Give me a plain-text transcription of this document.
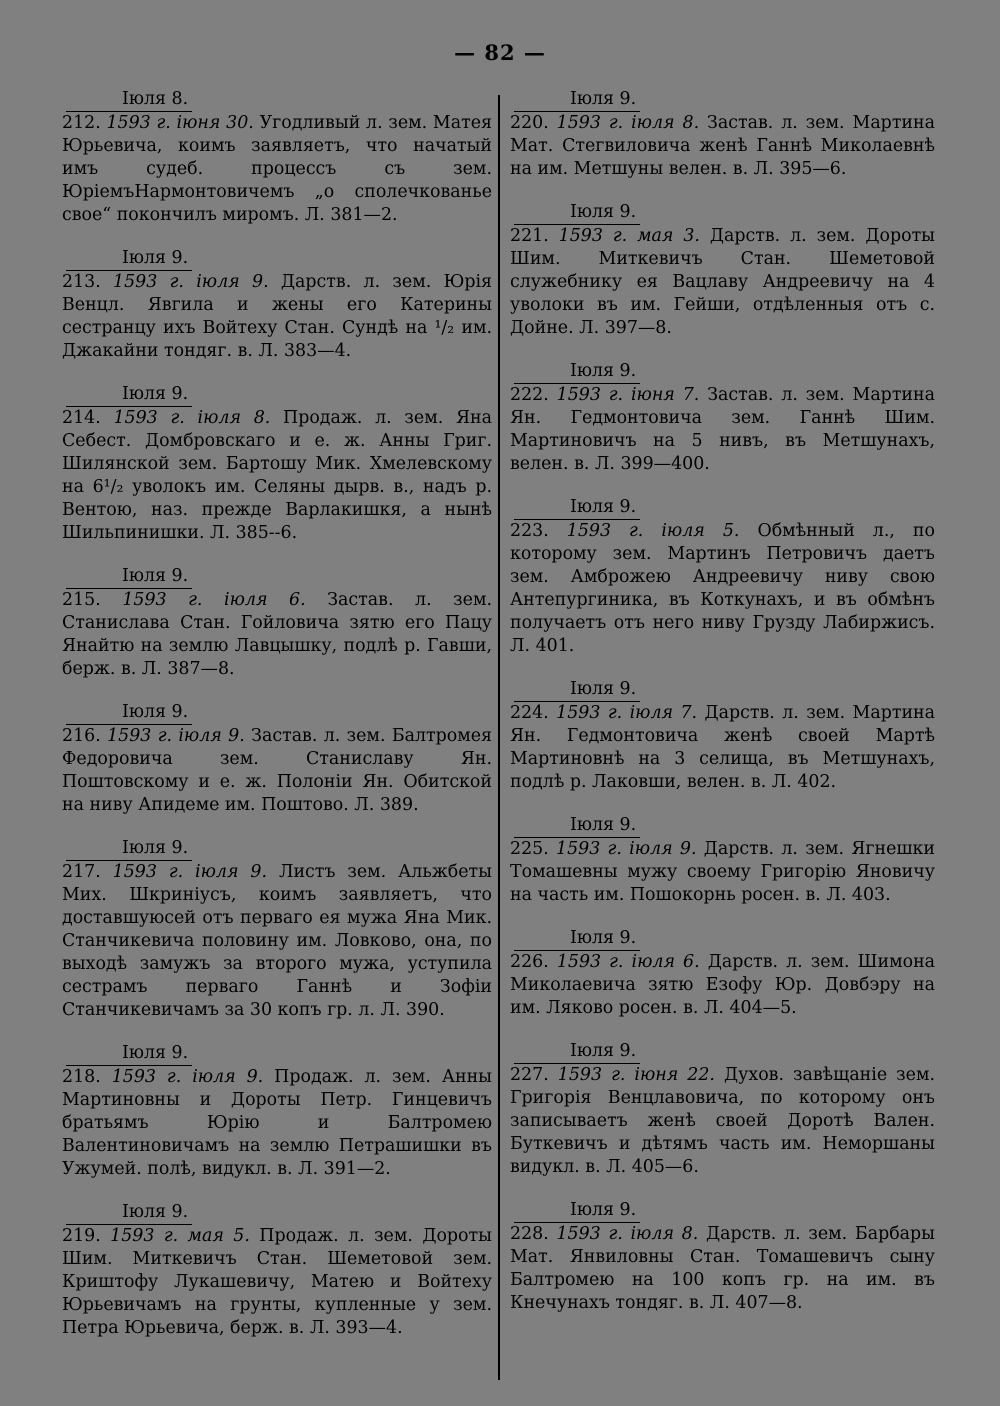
— 82 —
Іюля 8.
212. 1593 г. іюня 30. Угодливый л. зем. Матея Юрьевича, коимъ заявляетъ, что начатый имъ судеб. процессъ съ зем. ЮріемъНармонтовичемъ „о сполечкованье свое“ покончилъ миромъ. Л. 381—2.
Іюля 9.
213. 1593 г. іюля 9. Дарств. л. зем. Юрія Венцл. Явгила и жены его Катерины сестранцу ихъ Войтеху Стан. Сундѣ на ¹/₂ им. Джакайни тондяг. в. Л. 383—4.
Іюля 9.
214. 1593 г. іюля 8. Продаж. л. зем. Яна Себест. Домбровскаго и е. ж. Анны Григ. Шилянской зем. Бартошу Мик. Хмелевскому на 6¹/₂ уволокъ им. Селяны дырв. в., надъ р. Вентою, наз. прежде Варлакишкя, а нынѣ Шильпинишки. Л. 385--6.
Іюля 9.
215. 1593 г. іюля 6. Застав. л. зем. Станислава Стан. Гойловича зятю его Пацу Янайтю на землю Лавцышку, подлѣ р. Гавши, берж. в. Л. 387—8.
Іюля 9.
216. 1593 г. іюля 9. Застав. л. зем. Балтромея Федоровича зем. Станиславу Ян. Поштовскому и е. ж. Полоніи Ян. Обитской на ниву Апидеме им. Поштово. Л. 389.
Іюля 9.
217. 1593 г. іюля 9. Листъ зем. Альжбеты Мих. Шкриніусъ, коимъ заявляетъ, что доставшуюсей отъ перваго ея мужа Яна Мик. Станчикевича половину им. Ловково, она, по выходѣ замужъ за второго мужа, уступила сестрамъ перваго Ганнѣ и Зофіи Станчикевичамъ за 30 копъ гр. л. Л. 390.
Іюля 9.
218. 1593 г. іюля 9. Продаж. л. зем. Анны Мартиновны и Дороты Петр. Гинцевичъ братьямъ Юрію и Балтромею Валентиновичамъ на землю Петрашишки въ Ужумей. полѣ, видукл. в. Л. 391—2.
Іюля 9.
219. 1593 г. мая 5. Продаж. л. зем. Дороты Шим. Миткевичъ Стан. Шеметовой зем. Криштофу Лукашевичу, Матею и Войтеху Юрьевичамъ на грунты, купленные у зем. Петра Юрьевича, берж. в. Л. 393—4.
Іюля 9.
220. 1593 г. іюля 8. Застав. л. зем. Мартина Мат. Стегвиловича женѣ Ганнѣ Миколаевнѣ на им. Метшуны велен. в. Л. 395—6.
Іюля 9.
221. 1593 г. мая 3. Дарств. л. зем. Дороты Шим. Миткевичъ Стан. Шеметовой служебнику ея Вацлаву Андреевичу на 4 уволоки въ им. Гейши, отдѣленныя отъ с. Дойне. Л. 397—8.
Іюля 9.
222. 1593 г. іюня 7. Застав. л. зем. Мартина Ян. Гедмонтовича зем. Ганнѣ Шим. Мартиновичъ на 5 нивъ, въ Метшунахъ, велен. в. Л. 399—400.
Іюля 9.
223. 1593 г. іюля 5. Обмѣнный л., по которому зем. Мартинъ Петровичъ даетъ зем. Амброжею Андреевичу ниву свою Антепургиника, въ Коткунахъ, и въ обмѣнъ получаетъ отъ него ниву Груздy Лабиржисъ. Л. 401.
Іюля 9.
224. 1593 г. іюля 7. Дарств. л. зем. Мартина Ян. Гедмонтовича женѣ своей Мартѣ Мартиновнѣ на 3 селища, въ Метшунахъ, подлѣ р. Лаковши, велен. в. Л. 402.
Іюля 9.
225. 1593 г. іюля 9. Дарств. л. зем. Ягнешки Томашевны мужу своему Григорію Яновичу на часть им. Пошокорнь росен. в. Л. 403.
Іюля 9.
226. 1593 г. іюля 6. Дарств. л. зем. Шимона Миколаевича зятю Езофу Юр. Довбэру на им. Ляково росен. в. Л. 404—5.
Іюля 9.
227. 1593 г. іюня 22. Духов. завѣщаніе зем. Григорія Венцлавовича, по которому онъ записываетъ женѣ своей Доротѣ Вален. Буткевичъ и дѣтямъ часть им. Неморшаны видукл. в. Л. 405—6.
Іюля 9.
228. 1593 г. іюля 8. Дарств. л. зем. Барбары Мат. Янвиловны Стан. Томашевичъ сыну Балтромею на 100 копъ гр. на им. въ Кнечунахъ тондяг. в. Л. 407—8.
